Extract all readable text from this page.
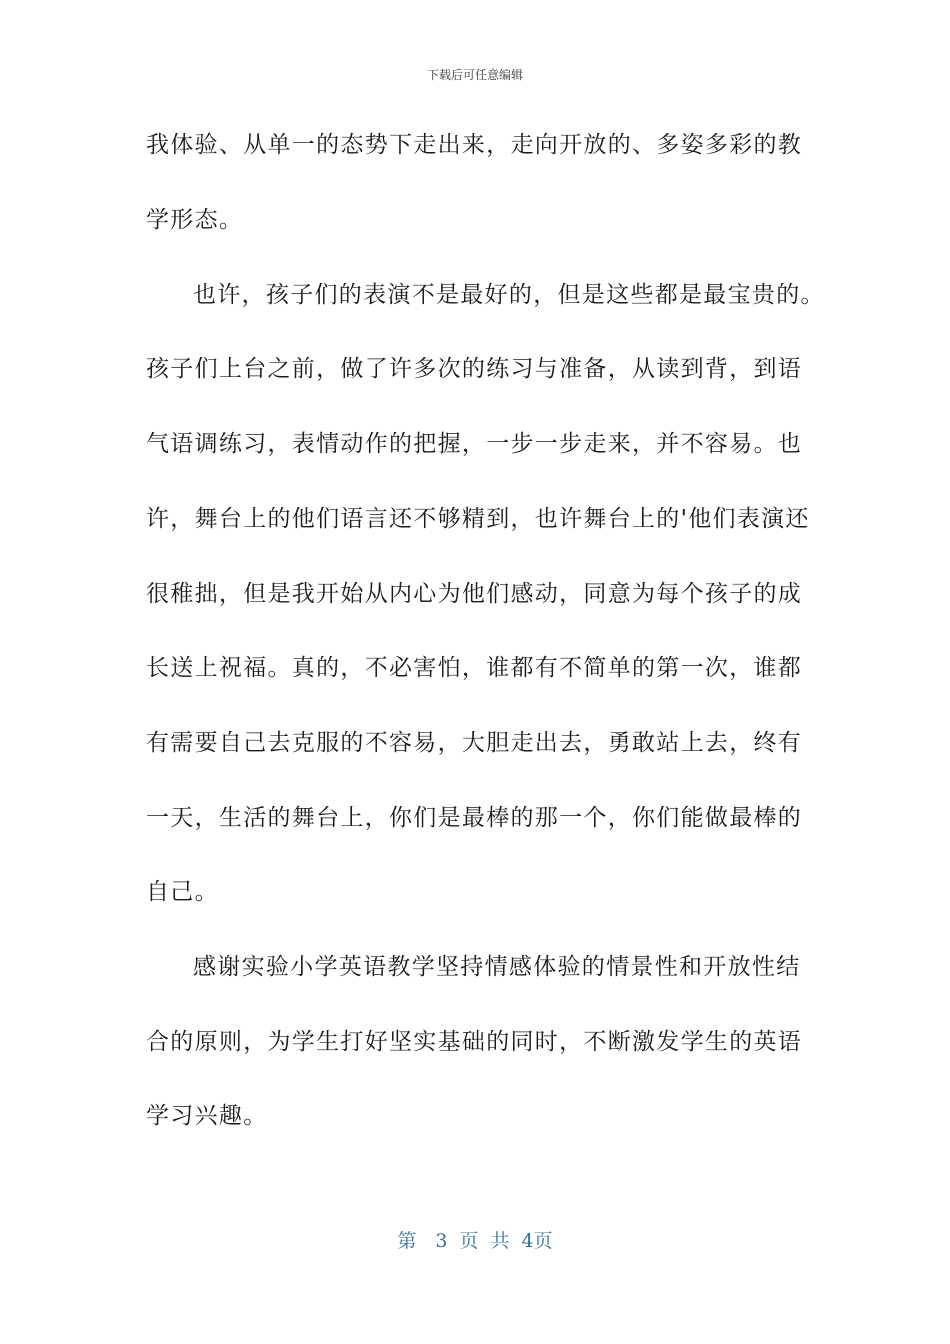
下载后可任意编辑
我体验、从单一的态势下走出来，走向开放的、多姿多彩的教
学形态。
也许，孩子们的表演不是最好的，但是这些都是最宝贵的。
孩子们上台之前，做了许多次的练习与准备，从读到背，到语
气语调练习，表情动作的把握，一步一步走来，并不容易。也
许，舞台上的他们语言还不够精到，也许舞台上的'他们表演还
很稚拙，但是我开始从内心为他们感动，同意为每个孩子的成
长送上祝福。真的，不必害怕，谁都有不简单的第一次，谁都
有需要自己去克服的不容易，大胆走出去，勇敢站上去，终有
一天，生活的舞台上，你们是最棒的那一个，你们能做最棒的
自己。
感谢实验小学英语教学坚持情感体验的情景性和开放性结
合的原则，为学生打好坚实基础的同时，不断激发学生的英语
学习兴趣。
第　3 页 共 4页
